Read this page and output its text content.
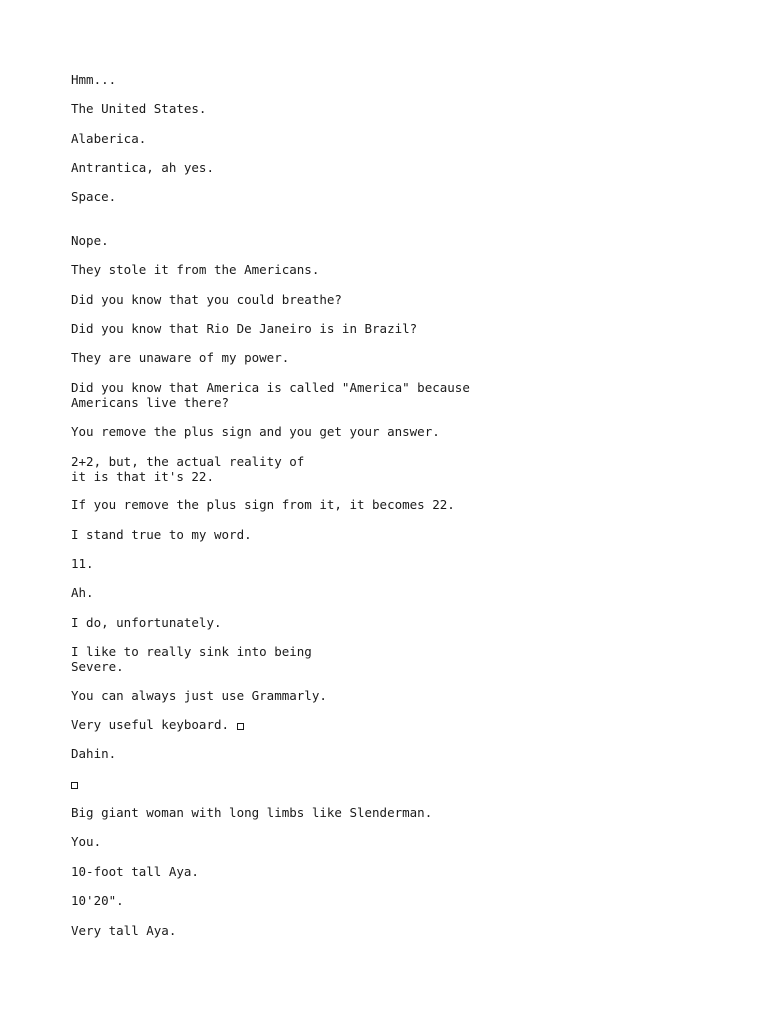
Hmm...

The United States.

Alaberica.

Antrantica, ah yes.

Space.

Nope.

They stole it from the Americans.

Did you know that you could breathe?

Did you know that Rio De Janeiro is in Brazil?

They are unaware of my power.

Did you know that America is called "America" because
Americans live there?

You remove the plus sign and you get your answer.

2+2, but, the actual reality of
it is that it's 22.

If you remove the plus sign from it, it becomes 22.

I stand true to my word.

11.

Ah.

I do, unfortunately.

I like to really sink into being
Severe.

You can always just use Grammarly.

Very useful keyboard.

Dahin.

Big giant woman with long limbs like Slenderman.

You.

10-foot tall Aya.

10'20".

Very tall Aya.
